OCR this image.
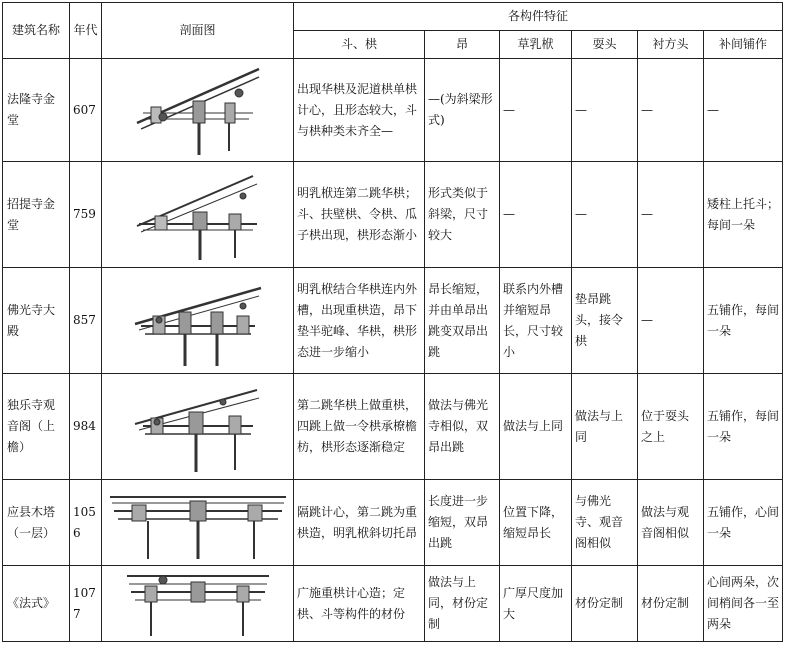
建筑名称	年代	剖面图	各构件特征					
			斗、栱	昂	草乳栿	耍头	衬方头	补间铺作
法隆寺金堂	607		出现华栱及泥道栱单栱计心，且形态较大，斗与栱种类未齐全—	—(为斜梁形式)	—	—	—	—
招提寺金堂	759		明乳栿连第二跳华栱；斗、扶壁栱、令栱、瓜子栱出现，栱形态渐小	形式类似于斜梁，尺寸较大	—	—	—	矮柱上托斗；每间一朵
佛光寺大殿	857		明乳栿结合华栱连内外槽，出现重栱造，昂下垫半驼峰、华栱，栱形态进一步缩小	昂长缩短，并由单昂出跳变双昂出跳	联系内外槽并缩短昂长，尺寸较小	垫昂跳头，接令栱	—	五铺作，每间一朵
独乐寺观音阁（上檐）	984		第二跳华栱上做重栱，四跳上做一令栱承橑檐枋，栱形态逐渐稳定	做法与佛光寺相似，双昂出跳	做法与上同	做法与上同	位于耍头之上	五铺作，每间一朵
应县木塔（一层）	1056		隔跳计心，第二跳为重栱造，明乳栿斜切托昂	长度进一步缩短，双昂出跳	位置下降，缩短昂长	与佛光寺、观音阁相似	做法与观音阁相似	五铺作，心间一朵
《法式》	1077		广施重栱计心造；定栱、斗等构件的材份	做法与上同，材份定制	广厚尺度加大	材份定制	材份定制	心间两朵，次间梢间各一至两朵
